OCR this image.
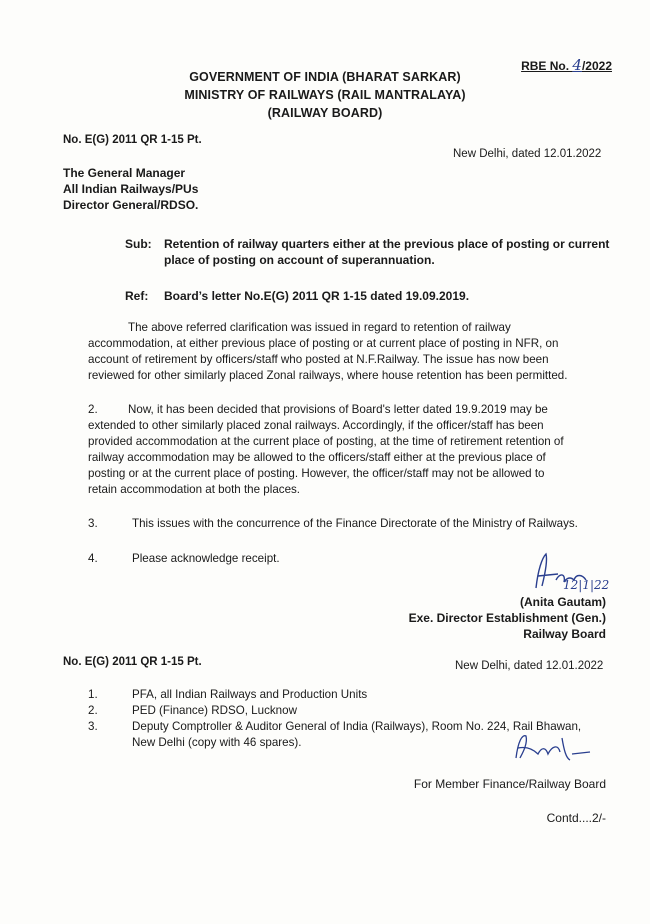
RBE No. 4/2022
GOVERNMENT OF INDIA (BHARAT SARKAR)
MINISTRY OF RAILWAYS (RAIL MANTRALAYA)
(RAILWAY BOARD)
No. E(G) 2011 QR 1-15 Pt.
New Delhi, dated 12.01.2022
The General Manager
All Indian Railways/PUs
Director General/RDSO.
Sub: Retention of railway quarters either at the previous place of posting or current
place of posting on account of superannuation.
Ref: Board’s letter No.E(G) 2011 QR 1-15 dated 19.09.2019.
The above referred clarification was issued in regard to retention of railway
accommodation, at either previous place of posting or at current place of posting in NFR, on
account of retirement by officers/staff who posted at N.F.Railway. The issue has now been
reviewed for other similarly placed Zonal railways, where house retention has been permitted.
2.	Now, it has been decided that provisions of Board's letter dated 19.9.2019 may be
extended to other similarly placed zonal railways. Accordingly, if the officer/staff has been
provided accommodation at the current place of posting, at the time of retirement retention of
railway accommodation may be allowed to the officers/staff either at the previous place of
posting or at the current place of posting. However, the officer/staff may not be allowed to
retain accommodation at both the places.
3.	This issues with the concurrence of the Finance Directorate of the Ministry of Railways.
4.	Please acknowledge receipt.
12|1|22
(Anita Gautam)
Exe. Director Establishment (Gen.)
Railway Board
No. E(G) 2011 QR 1-15 Pt.	New Delhi, dated 12.01.2022
1.	PFA, all Indian Railways and Production Units
2.	PED (Finance) RDSO, Lucknow
3.	Deputy Comptroller & Auditor General of India (Railways), Room No. 224, Rail Bhawan,
New Delhi (copy with 46 spares).
For Member Finance/Railway Board
Contd....2/-
